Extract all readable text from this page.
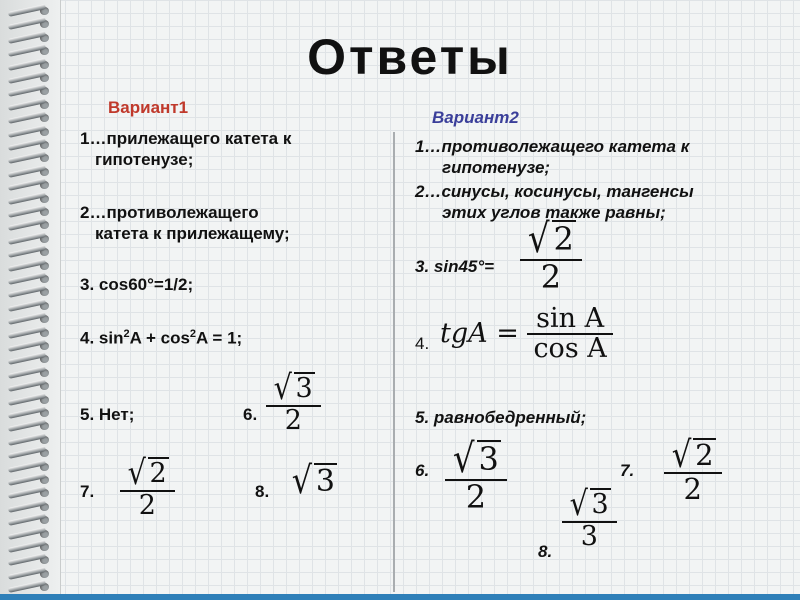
Ответы
Вариант1
1…прилежащего катета к
гипотенузе;
2…противолежащего
катета к прилежащему;
3. cos60°=1/2;
4. $\sin^2A + \cos^2A = 1$;
5. Нет;	6. $\frac{√ 3}{2}$
7. $\frac{√ 2}{2}$	8. √ 3
Вариант2
1…противолежащего катета к
гипотенузе;
2…синусы, косинусы, тангенсы
этих углов также равны;
3. $\sin 45^\circ= \frac{√ 2}{2}$
4. tgA = $\frac{\text{sin A}}{\text{cos A}}$
5. равнобедренный;
6. $\frac{√ 3}{2}$	7. $\frac{√ 2}{2}$
8. $\frac{√ 3}{3}$
